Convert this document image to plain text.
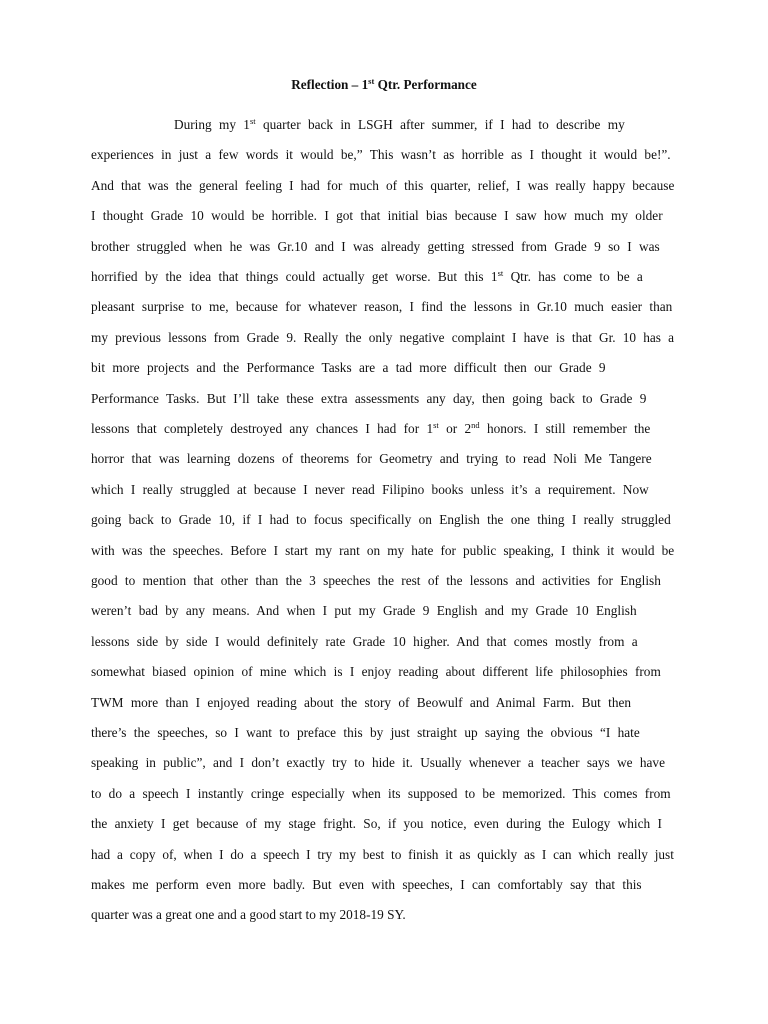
Reflection – 1st Qtr. Performance
During my 1st quarter back in LSGH after summer, if I had to describe my
experiences in just a few words it would be,” This wasn’t as horrible as I thought it would be!”.
And that was the general feeling I had for much of this quarter, relief, I was really happy because
I thought Grade 10 would be horrible. I got that initial bias because I saw how much my older
brother struggled when he was Gr.10 and I was already getting stressed from Grade 9 so I was
horrified by the idea that things could actually get worse. But this 1st Qtr. has come to be a
pleasant surprise to me, because for whatever reason, I find the lessons in Gr.10 much easier than
my previous lessons from Grade 9. Really the only negative complaint I have is that Gr. 10 has a
bit more projects and the Performance Tasks are a tad more difficult then our Grade 9
Performance Tasks. But I’ll take these extra assessments any day, then going back to Grade 9
lessons that completely destroyed any chances I had for 1st or 2nd honors. I still remember the
horror that was learning dozens of theorems for Geometry and trying to read Noli Me Tangere
which I really struggled at because I never read Filipino books unless it’s a requirement. Now
going back to Grade 10, if I had to focus specifically on English the one thing I really struggled
with was the speeches. Before I start my rant on my hate for public speaking, I think it would be
good to mention that other than the 3 speeches the rest of the lessons and activities for English
weren’t bad by any means. And when I put my Grade 9 English and my Grade 10 English
lessons side by side I would definitely rate Grade 10 higher. And that comes mostly from a
somewhat biased opinion of mine which is I enjoy reading about different life philosophies from
TWM more than I enjoyed reading about the story of Beowulf and Animal Farm. But then
there’s the speeches, so I want to preface this by just straight up saying the obvious “I hate
speaking in public”, and I don’t exactly try to hide it. Usually whenever a teacher says we have
to do a speech I instantly cringe especially when its supposed to be memorized. This comes from
the anxiety I get because of my stage fright. So, if you notice, even during the Eulogy which I
had a copy of, when I do a speech I try my best to finish it as quickly as I can which really just
makes me perform even more badly. But even with speeches, I can comfortably say that this
quarter was a great one and a good start to my 2018-19 SY.
